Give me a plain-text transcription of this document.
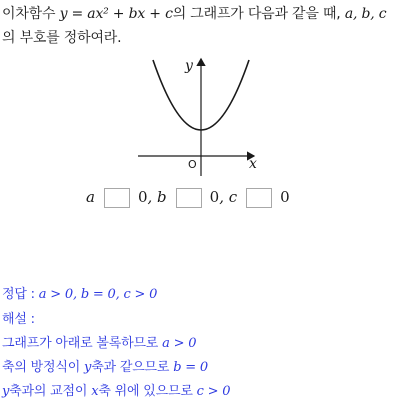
이차함수 y = ax² + bx + c의 그래프가 다음과 같을 때, a, b, c
의 부호를 정하여라.
y
x
O
a	0, b	0, c	0
정답 : a > 0, b = 0, c > 0
해설 :
그래프가 아래로 볼록하므로 a > 0
축의 방정식이 y축과 같으므로 b = 0
y축과의 교점이 x축 위에 있으므로 c > 0
